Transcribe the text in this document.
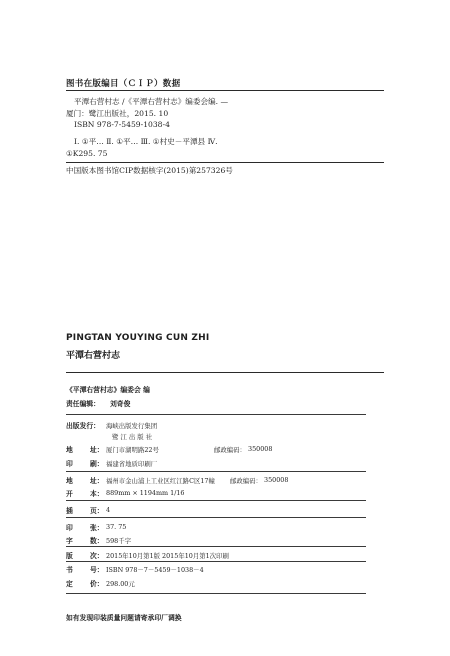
图书在版编目（ＣＩＰ）数据
平潭右营村志 /《平潭右营村志》编委会编. —
厦门：鹭江出版社，2015. 10
ISBN 978-7-5459-1038-4
Ⅰ. ①平… Ⅱ. ①平… Ⅲ. ①村史－平潭县 Ⅳ.
①K295. 75
中国版本图书馆CIP数据核字(2015)第257326号
PINGTAN YOUYING CUN ZHI
平潭右营村志
《平潭右营村志》编委会 编
责任编辑： 刘奇俊
出版发行： 海峡出版发行集团
鹭 江 出 版 社
地	址： 厦门市湖明路22号	邮政编码： 350008
印	刷： 福建省地质印刷厂
地	址： 福州市金山浦上工业区红江路C区17幢 邮政编码： 350008
开	本： 889mm × 1194mm 1/16
插	页： 4
印	张： 37. 75
字	数： 598千字
版	次： 2015年10月第1版 2015年10月第1次印刷
书	号： ISBN 978－7－5459－1038－4
定	价： 298.00元
如有发现印装质量问题请寄承印厂调换
